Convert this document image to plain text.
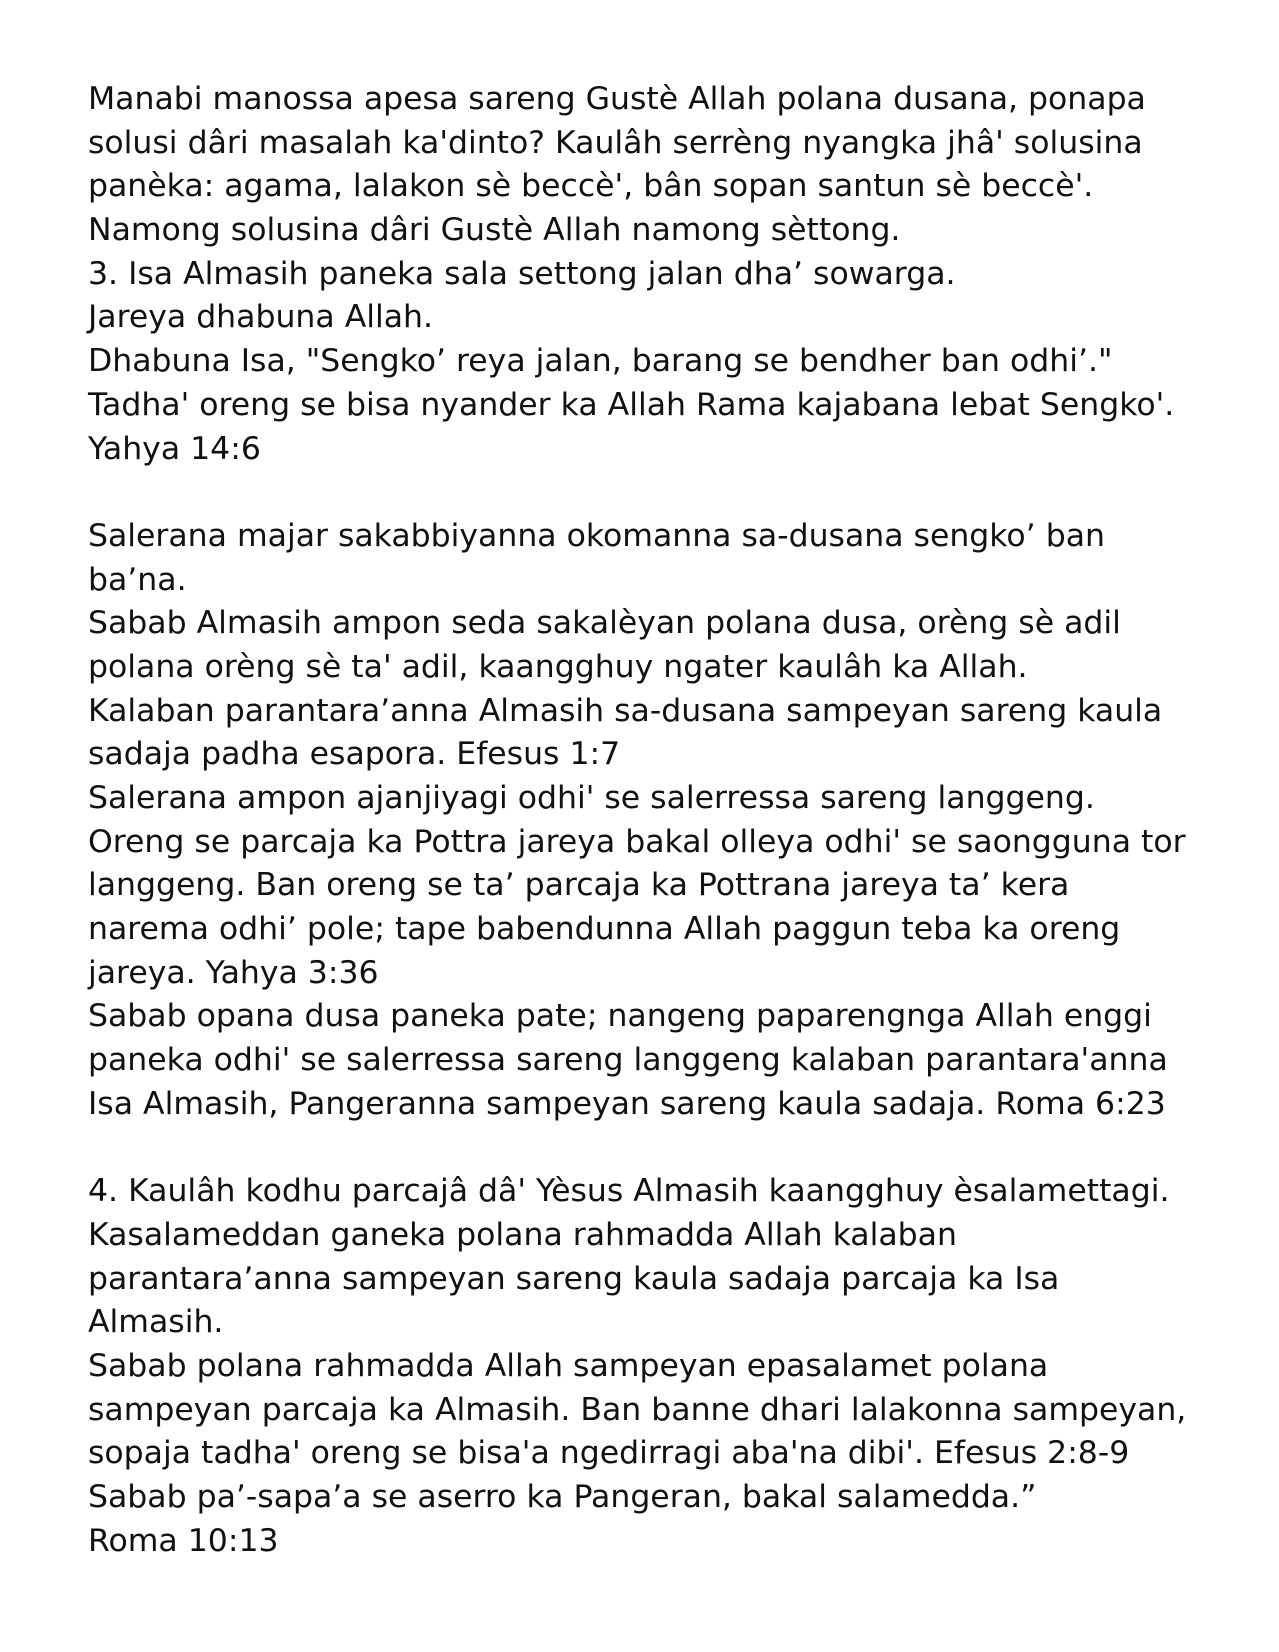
Manabi manossa apesa sareng Gustè Allah polana dusana, ponapa
solusi dâri masalah ka'dinto? Kaulâh serrèng nyangka jhâ' solusina
panèka: agama, lalakon sè beccè', bân sopan santun sè beccè'.
Namong solusina dâri Gustè Allah namong sèttong.
3. Isa Almasih paneka sala settong jalan dha’ sowarga.
Jareya dhabuna Allah.
Dhabuna Isa, "Sengko’ reya jalan, barang se bendher ban odhi’."
Tadha' oreng se bisa nyander ka Allah Rama kajabana lebat Sengko'.
Yahya 14:6
Salerana majar sakabbiyanna okomanna sa-dusana sengko’ ban
ba’na.
Sabab Almasih ampon seda sakalèyan polana dusa, orèng sè adil
polana orèng sè ta' adil, kaangghuy ngater kaulâh ka Allah.
Kalaban parantara’anna Almasih sa-dusana sampeyan sareng kaula
sadaja padha esapora. Efesus 1:7
Salerana ampon ajanjiyagi odhi' se salerressa sareng langgeng.
Oreng se parcaja ka Pottra jareya bakal olleya odhi' se saongguna tor
langgeng. Ban oreng se ta’ parcaja ka Pottrana jareya ta’ kera
narema odhi’ pole; tape babendunna Allah paggun teba ka oreng
jareya. Yahya 3:36
Sabab opana dusa paneka pate; nangeng paparengnga Allah enggi
paneka odhi' se salerressa sareng langgeng kalaban parantara'anna
Isa Almasih, Pangeranna sampeyan sareng kaula sadaja. Roma 6:23
4. Kaulâh kodhu parcajâ dâ' Yèsus Almasih kaangghuy èsalamettagi.
Kasalameddan ganeka polana rahmadda Allah kalaban
parantara’anna sampeyan sareng kaula sadaja parcaja ka Isa
Almasih.
Sabab polana rahmadda Allah sampeyan epasalamet polana
sampeyan parcaja ka Almasih. Ban banne dhari lalakonna sampeyan,
sopaja tadha' oreng se bisa'a ngedirragi aba'na dibi'. Efesus 2:8-9
Sabab pa’-sapa’a se aserro ka Pangeran, bakal salamedda.”
Roma 10:13
